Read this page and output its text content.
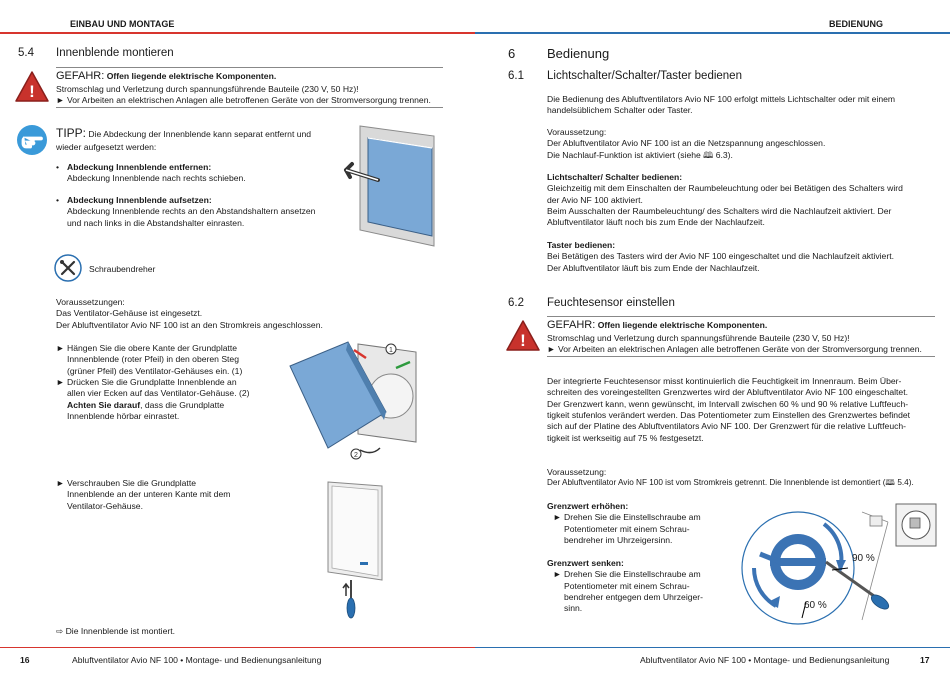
EINBAU UND MONTAGE	BEDIENUNG
5.4 Innenblende montieren
!
GEFAHR: Offen liegende elektrische Komponenten.
Stromschlag und Verletzung durch spannungsführende Bauteile (230 V, 50 Hz)!
► Vor Arbeiten an elektrischen Anlagen alle betroffenen Geräte von der Stromversorgung trennen.
TIPP: Die Abdeckung der Innenblende kann separat entfernt und
wieder aufgesetzt werden:
• Abdeckung Innenblende entfernen:
Abdeckung Innenblende nach rechts schieben.
• Abdeckung Innenblende aufsetzen:
Abdeckung Innenblende rechts an den Abstandshaltern ansetzen
und nach links in die Abstandshalter einrasten.
Schraubendreher
Voraussetzungen:
Das Ventilator-Gehäuse ist eingesetzt.
Der Abluftventilator Avio NF 100 ist an den Stromkreis angeschlossen.
► Hängen Sie die obere Kante der Grundplatte
Innnenblende (roter Pfeil) in den oberen Steg
(grüner Pfeil) des Ventilator-Gehäuses ein. (1)
► Drücken Sie die Grundplatte Innenblende an
allen vier Ecken auf das Ventilator-Gehäuse. (2)
Achten Sie darauf, dass die Grundplatte
Innenblende hörbar einrastet.
1
2
► Verschrauben Sie die Grundplatte
Innenblende an der unteren Kante mit dem
Ventilator-Gehäuse.
⇨ Die Innenblende ist montiert.
6 Bedienung
6.1 Lichtschalter/Schalter/Taster bedienen
Die Bedienung des Abluftventilators Avio NF 100 erfolgt mittels Lichtschalter oder mit einem
handelsüblichem Schalter oder Taster.
Voraussetzung:
Der Abluftventilator Avio NF 100 ist an die Netzspannung angeschlossen.
Die Nachlauf-Funktion ist aktiviert (siehe 🕮 6.3).
Lichtschalter/ Schalter bedienen:
Gleichzeitig mit dem Einschalten der Raumbeleuchtung oder bei Betätigen des Schalters wird
der Avio NF 100 aktiviert.
Beim Ausschalten der Raumbeleuchtung/ des Schalters wird die Nachlaufzeit aktiviert. Der
Abluftventilator läuft noch bis zum Ende der Nachlaufzeit.
Taster bedienen:
Bei Betätigen des Tasters wird der Avio NF 100 eingeschaltet und die Nachlaufzeit aktiviert.
Der Abluftventilator läuft bis zum Ende der Nachlaufzeit.
6.2 Feuchtesensor einstellen
!
GEFAHR: Offen liegende elektrische Komponenten.
Stromschlag und Verletzung durch spannungsführende Bauteile (230 V, 50 Hz)!
► Vor Arbeiten an elektrischen Anlagen alle betroffenen Geräte von der Stromversorgung trennen.
Der integrierte Feuchtesensor misst kontinuierlich die Feuchtigkeit im Innenraum. Beim Über-
schreiten des voreingestellten Grenzwertes wird der Abluftventilator Avio NF 100 eingeschaltet.
Der Grenzwert kann, wenn gewünscht, im Intervall zwischen 60 % und 90 % relative Luftfeuch-
tigkeit stufenlos verändert werden. Das Potentiometer zum Einstellen des Grenzwertes befindet
sich auf der Platine des Abluftventilators Avio NF 100. Der Grenzwert für die relative Luftfeuch-
tigkeit ist werkseitig auf 75 % festgesetzt.
Voraussetzung:
Der Abluftventilator Avio NF 100 ist vom Stromkreis getrennt. Die Innenblende ist demontiert (🕮 5.4).
Grenzwert erhöhen:
► Drehen Sie die Einstellschraube am
Potentiometer mit einem Schrau-
bendreher im Uhrzeigersinn.
Grenzwert senken:
► Drehen Sie die Einstellschraube am
Potentiometer mit einem Schrau-
bendreher entgegen dem Uhrzeiger-
sinn.
90 %
60 %
16	Abluftventilator Avio NF 100 • Montage- und Bedienungsanleitung	Abluftventilator Avio NF 100 • Montage- und Bedienungsanleitung	17
